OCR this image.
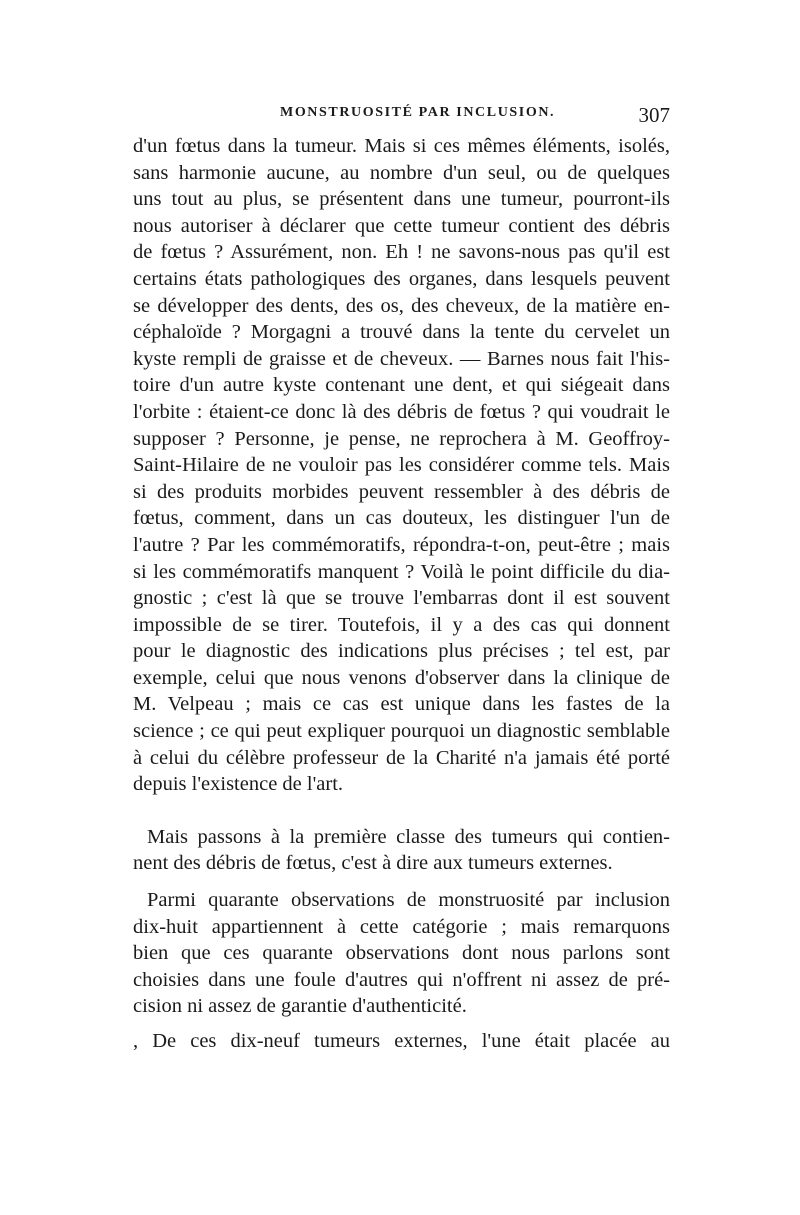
MONSTRUOSITÉ PAR INCLUSION.	307
d'un fœtus dans la tumeur. Mais si ces mêmes éléments, isolés,
sans harmonie aucune, au nombre d'un seul, ou de quelques
uns tout au plus, se présentent dans une tumeur, pourront-ils
nous autoriser à déclarer que cette tumeur contient des débris
de fœtus ? Assurément, non. Eh ! ne savons-nous pas qu'il est
certains états pathologiques des organes, dans lesquels peuvent
se développer des dents, des os, des cheveux, de la matière en-
céphaloïde ? Morgagni a trouvé dans la tente du cervelet un
kyste rempli de graisse et de cheveux. — Barnes nous fait l'his-
toire d'un autre kyste contenant une dent, et qui siégeait dans
l'orbite : étaient-ce donc là des débris de fœtus ? qui voudrait le
supposer ? Personne, je pense, ne reprochera à M. Geoffroy-
Saint-Hilaire de ne vouloir pas les considérer comme tels. Mais
si des produits morbides peuvent ressembler à des débris de
fœtus, comment, dans un cas douteux, les distinguer l'un de
l'autre ? Par les commémoratifs, répondra-t-on, peut-être ; mais
si les commémoratifs manquent ? Voilà le point difficile du dia-
gnostic ; c'est là que se trouve l'embarras dont il est souvent
impossible de se tirer. Toutefois, il y a des cas qui donnent
pour le diagnostic des indications plus précises ; tel est, par
exemple, celui que nous venons d'observer dans la clinique de
M. Velpeau ; mais ce cas est unique dans les fastes de la
science ; ce qui peut expliquer pourquoi un diagnostic semblable
à celui du célèbre professeur de la Charité n'a jamais été porté
depuis l'existence de l'art.
Mais passons à la première classe des tumeurs qui contien-
nent des débris de fœtus, c'est à dire aux tumeurs externes.
Parmi quarante observations de monstruosité par inclusion
dix-huit appartiennent à cette catégorie ; mais remarquons
bien que ces quarante observations dont nous parlons sont
choisies dans une foule d'autres qui n'offrent ni assez de pré-
cision ni assez de garantie d'authenticité.
, De ces dix-neuf tumeurs externes, l'une était placée au
